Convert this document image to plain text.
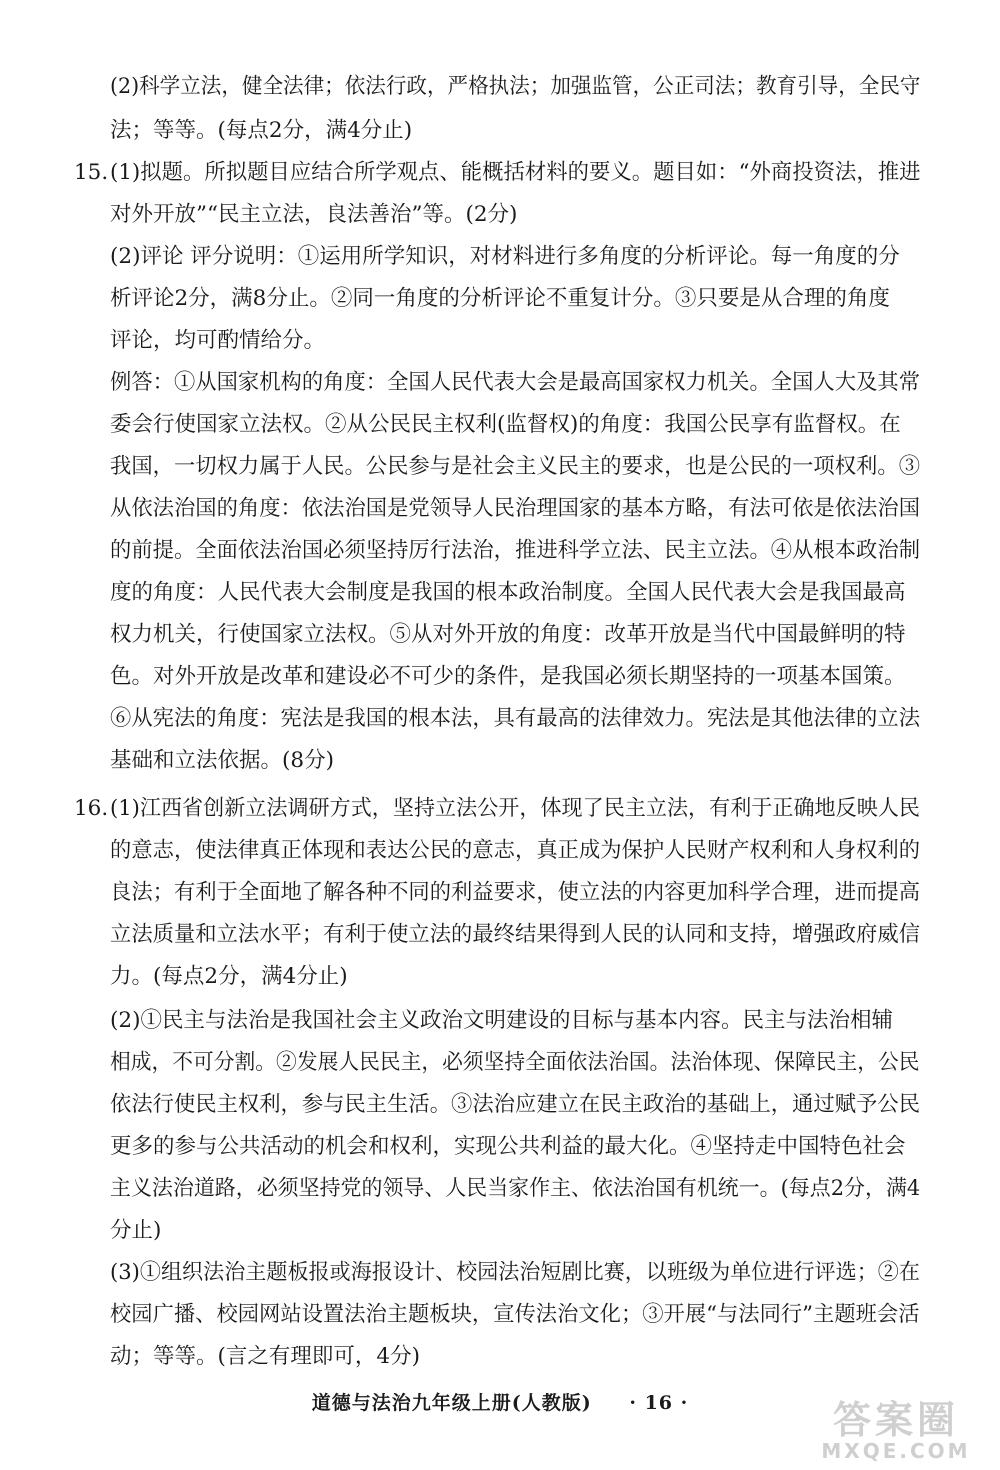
(2)科学立法，健全法律；依法行政，严格执法；加强监管，公正司法；教育引导，全民守
法；等等。(每点2分，满4分止)
(1)拟题。所拟题目应结合所学观点、能概括材料的要义。题目如：“外商投资法，推进
15.
对外开放”“民主立法，良法善治”等。(2分)
(2)评论 评分说明：①运用所学知识，对材料进行多角度的分析评论。每一角度的分
析评论2分，满8分止。②同一角度的分析评论不重复计分。③只要是从合理的角度
评论，均可酌情给分。
例答：①从国家机构的角度：全国人民代表大会是最高国家权力机关。全国人大及其常
委会行使国家立法权。②从公民民主权利(监督权)的角度：我国公民享有监督权。在
我国，一切权力属于人民。公民参与是社会主义民主的要求，也是公民的一项权利。③
从依法治国的角度：依法治国是党领导人民治理国家的基本方略，有法可依是依法治国
的前提。全面依法治国必须坚持厉行法治，推进科学立法、民主立法。④从根本政治制
度的角度：人民代表大会制度是我国的根本政治制度。全国人民代表大会是我国最高
权力机关，行使国家立法权。⑤从对外开放的角度：改革开放是当代中国最鲜明的特
色。对外开放是改革和建设必不可少的条件，是我国必须长期坚持的一项基本国策。
⑥从宪法的角度：宪法是我国的根本法，具有最高的法律效力。宪法是其他法律的立法
基础和立法依据。(8分)
(1)江西省创新立法调研方式，坚持立法公开，体现了民主立法，有利于正确地反映人民
16.
的意志，使法律真正体现和表达公民的意志，真正成为保护人民财产权利和人身权利的
良法；有利于全面地了解各种不同的利益要求，使立法的内容更加科学合理，进而提高
立法质量和立法水平；有利于使立法的最终结果得到人民的认同和支持，增强政府威信
力。(每点2分，满4分止)
(2)①民主与法治是我国社会主义政治文明建设的目标与基本内容。民主与法治相辅
相成，不可分割。②发展人民民主，必须坚持全面依法治国。法治体现、保障民主，公民
依法行使民主权利，参与民主生活。③法治应建立在民主政治的基础上，通过赋予公民
更多的参与公共活动的机会和权利，实现公共利益的最大化。④坚持走中国特色社会
主义法治道路，必须坚持党的领导、人民当家作主、依法治国有机统一。(每点2分，满4
分止)
(3)①组织法治主题板报或海报设计、校园法治短剧比赛，以班级为单位进行评选；②在
校园广播、校园网站设置法治主题板块，宣传法治文化；③开展“与法同行”主题班会活
动；等等。(言之有理即可，4分)
道德与法治九年级上册(人教版) · 16 ·	答案圈
MXQE.COM
